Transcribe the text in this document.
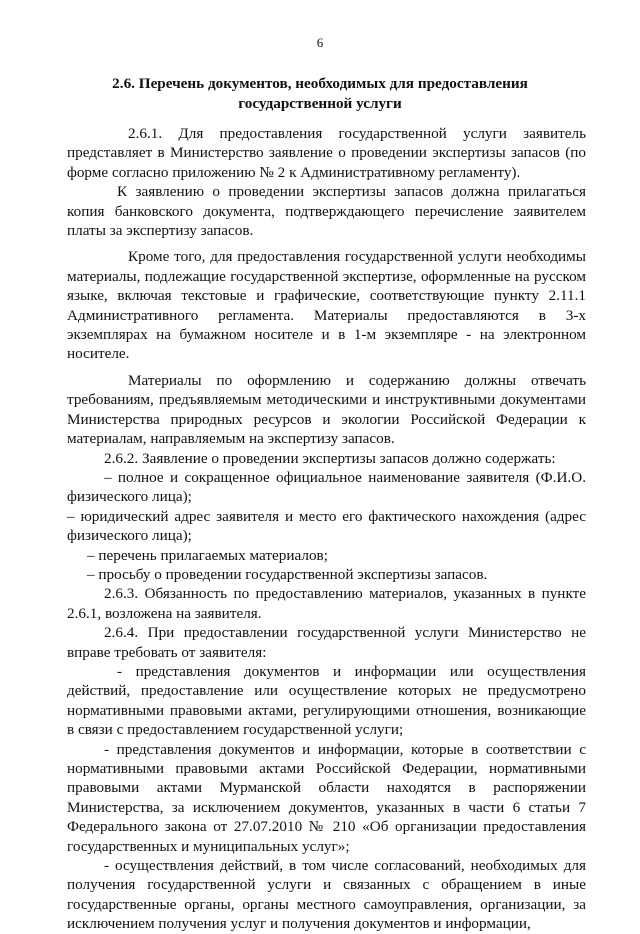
6
2.6. Перечень документов, необходимых для предоставления
государственной услуги

2.6.1. Для предоставления государственной услуги заявитель представляет в Министерство заявление о проведении экспертизы запасов (по форме согласно приложению № 2 к Административному регламенту).

К заявлению о проведении экспертизы запасов должна прилагаться копия банковского документа, подтверждающего перечисление заявителем платы за экспертизу запасов.

Кроме того, для предоставления государственной услуги необходимы материалы, подлежащие государственной экспертизе, оформленные на русском языке, включая текстовые и графические, соответствующие пункту 2.11.1 Административного регламента. Материалы предоставляются в 3-х экземплярах на бумажном носителе и в 1-м экземпляре - на электронном носителе.

Материалы по оформлению и содержанию должны отвечать требованиям, предъявляемым методическими и инструктивными документами Министерства природных ресурсов и экологии Российской Федерации к материалам, направляемым на экспертизу запасов.

2.6.2. Заявление о проведении экспертизы запасов должно содержать:

– полное и сокращенное официальное наименование заявителя (Ф.И.О. физического лица);

– юридический адрес заявителя и место его фактического нахождения (адрес физического лица);

– перечень прилагаемых материалов;

– просьбу о проведении государственной экспертизы запасов.

2.6.3. Обязанность по предоставлению материалов, указанных в пункте 2.6.1, возложена на заявителя.

2.6.4. При предоставлении государственной услуги Министерство не вправе требовать от заявителя:

- представления документов и информации или осуществления действий, предоставление или осуществление которых не предусмотрено нормативными правовыми актами, регулирующими отношения, возникающие в связи с предоставлением государственной услуги;

- представления документов и информации, которые в соответствии с нормативными правовыми актами Российской Федерации, нормативными правовыми актами Мурманской области находятся в распоряжении Министерства, за исключением документов, указанных в части 6 статьи 7 Федерального закона от 27.07.2010 № 210 «Об организации предоставления государственных и муниципальных услуг»;

- осуществления действий, в том числе согласований, необходимых для получения государственной услуги и связанных с обращением в иные государственные органы, органы местного самоуправления, организации, за исключением получения услуг и получения документов и информации,
